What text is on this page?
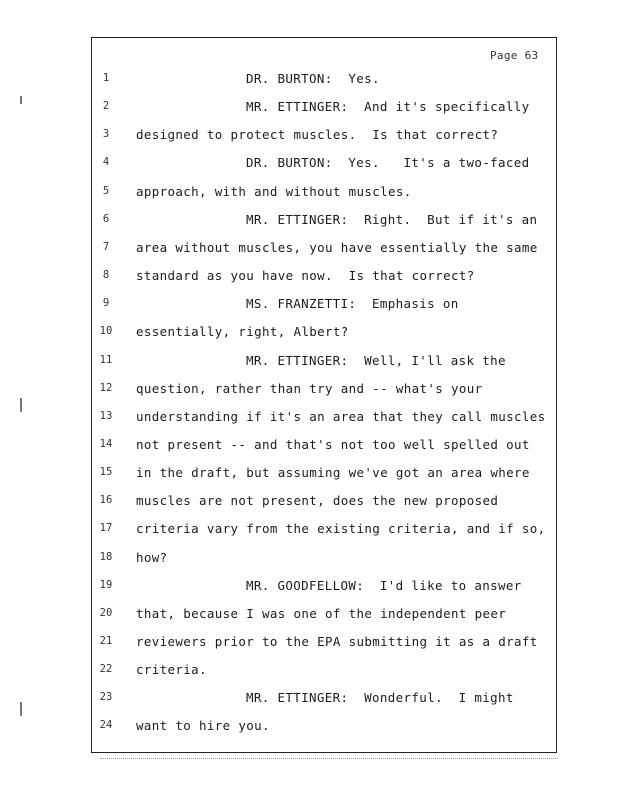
Page 63
1	DR. BURTON:  Yes.
2	MR. ETTINGER:  And it's specifically
3	designed to protect muscles.  Is that correct?
4	DR. BURTON:  Yes.   It's a two-faced
5	approach, with and without muscles.
6	MR. ETTINGER:  Right.  But if it's an
7	area without muscles, you have essentially the same
8	standard as you have now.  Is that correct?
9	MS. FRANZETTI:  Emphasis on
10 essentially, right, Albert?
11	MR. ETTINGER:  Well, I'll ask the
12 question, rather than try and -- what's your
13 understanding if it's an area that they call muscles
14 not present -- and that's not too well spelled out
15 in the draft, but assuming we've got an area where
16 muscles are not present, does the new proposed
17 criteria vary from the existing criteria, and if so,
18 how?
19	MR. GOODFELLOW:  I'd like to answer
20 that, because I was one of the independent peer
21 reviewers prior to the EPA submitting it as a draft
22 criteria.
23	MR. ETTINGER:  Wonderful.  I might
24 want to hire you.
